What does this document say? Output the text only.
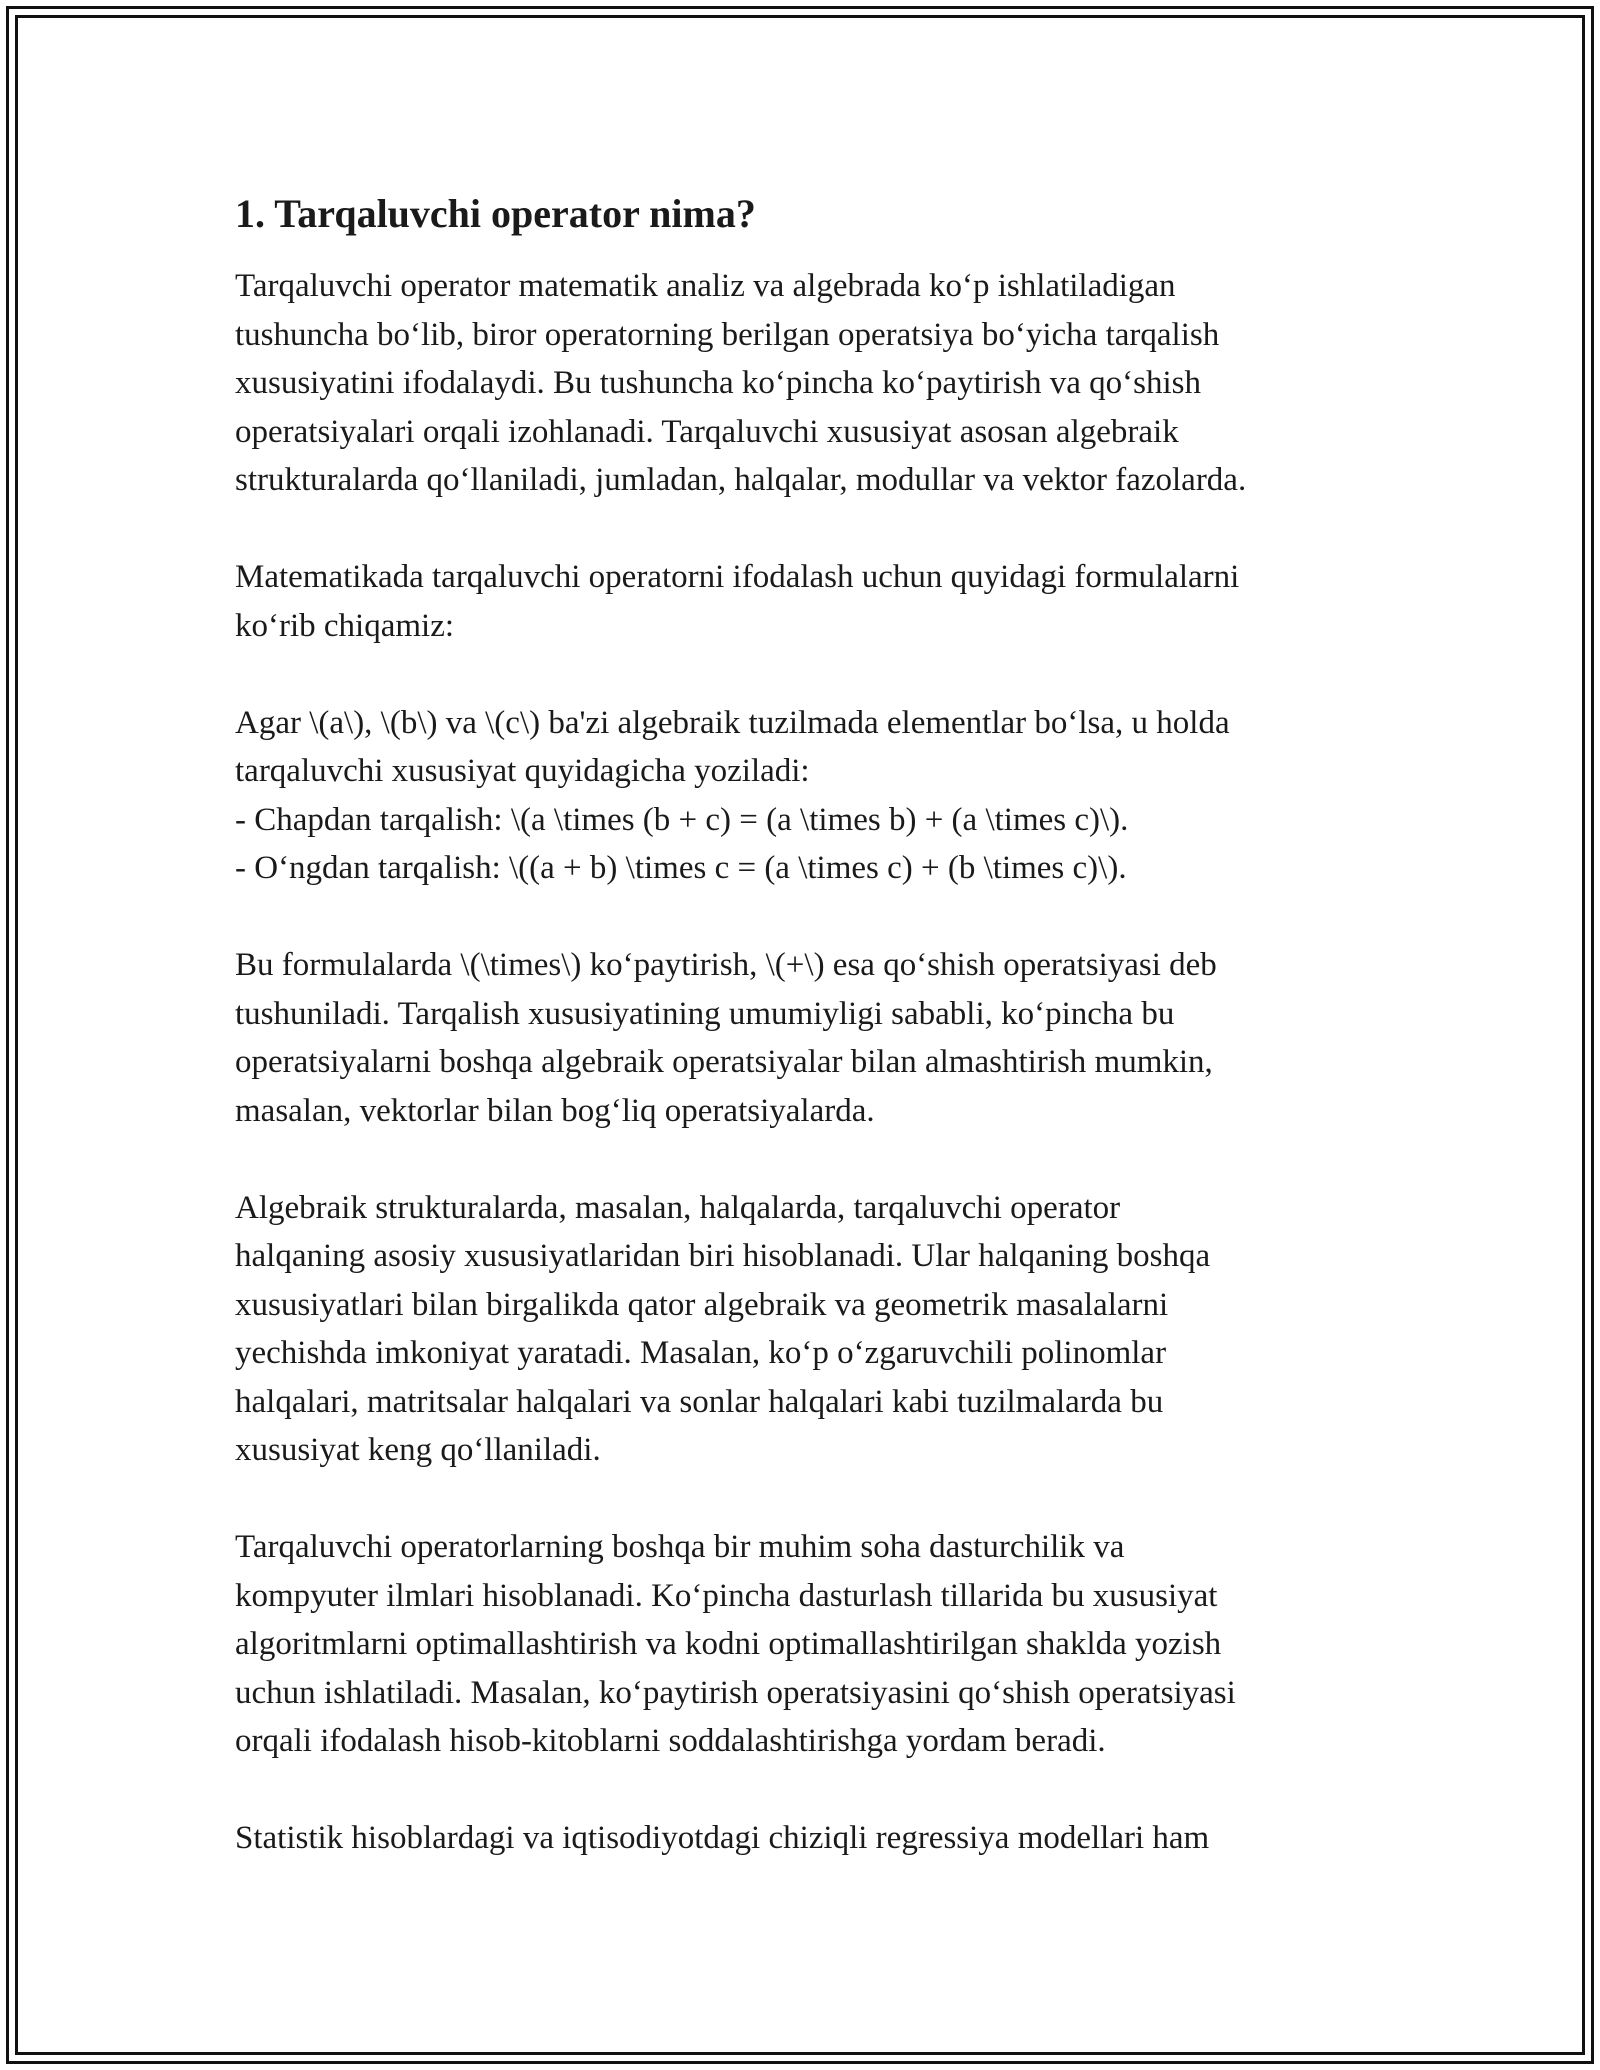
1. Tarqaluvchi operator nima?

Tarqaluvchi operator matematik analiz va algebrada ko‘p ishlatiladigan

tushuncha bo‘lib, biror operatorning berilgan operatsiya bo‘yicha tarqalish

xususiyatini ifodalaydi. Bu tushuncha ko‘pincha ko‘paytirish va qo‘shish

operatsiyalari orqali izohlanadi. Tarqaluvchi xususiyat asosan algebraik

strukturalarda qo‘llaniladi, jumladan, halqalar, modullar va vektor fazolarda.

Matematikada tarqaluvchi operatorni ifodalash uchun quyidagi formulalarni

ko‘rib chiqamiz:

Agar \(a\), \(b\) va \(c\) ba'zi algebraik tuzilmada elementlar bo‘lsa, u holda

tarqaluvchi xususiyat quyidagicha yoziladi:

- Chapdan tarqalish: \(a \times (b + c) = (a \times b) + (a \times c)\).

- O‘ngdan tarqalish: \((a + b) \times c = (a \times c) + (b \times c)\).

Bu formulalarda \(\times\) ko‘paytirish, \(+\) esa qo‘shish operatsiyasi deb

tushuniladi. Tarqalish xususiyatining umumiyligi sababli, ko‘pincha bu

operatsiyalarni boshqa algebraik operatsiyalar bilan almashtirish mumkin,

masalan, vektorlar bilan bog‘liq operatsiyalarda.

Algebraik strukturalarda, masalan, halqalarda, tarqaluvchi operator

halqaning asosiy xususiyatlaridan biri hisoblanadi. Ular halqaning boshqa

xususiyatlari bilan birgalikda qator algebraik va geometrik masalalarni

yechishda imkoniyat yaratadi. Masalan, ko‘p o‘zgaruvchili polinomlar

halqalari, matritsalar halqalari va sonlar halqalari kabi tuzilmalarda bu

xususiyat keng qo‘llaniladi.

Tarqaluvchi operatorlarning boshqa bir muhim soha dasturchilik va

kompyuter ilmlari hisoblanadi. Ko‘pincha dasturlash tillarida bu xususiyat

algoritmlarni optimallashtirish va kodni optimallashtirilgan shaklda yozish

uchun ishlatiladi. Masalan, ko‘paytirish operatsiyasini qo‘shish operatsiyasi

orqali ifodalash hisob-kitoblarni soddalashtirishga yordam beradi.

Statistik hisoblardagi va iqtisodiyotdagi chiziqli regressiya modellari ham
